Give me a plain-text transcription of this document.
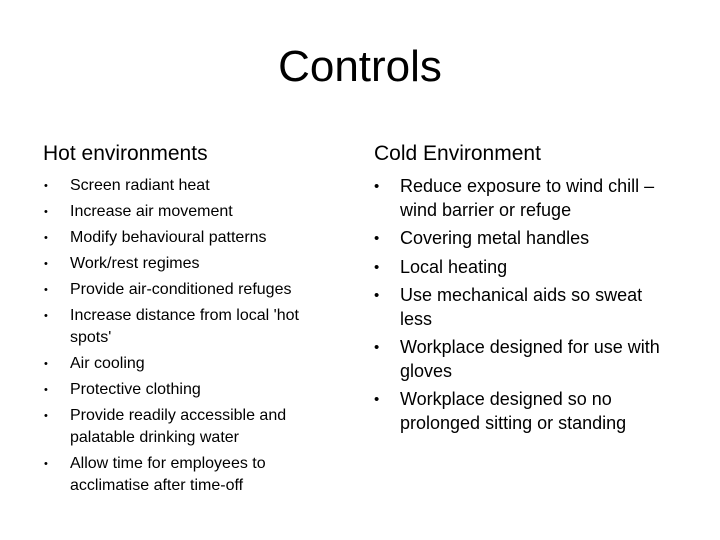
Controls
Hot environments	Cold Environment
• Screen radiant heat
• Increase air movement
• Modify behavioural patterns
• Work/rest regimes
• Provide air-conditioned refuges
• Increase distance from local 'hot spots'
• Air cooling
• Protective clothing
• Provide readily accessible and palatable drinking water
• Allow time for employees to acclimatise after time-off
• Reduce exposure to wind chill – wind barrier or refuge
• Covering metal handles
• Local heating
• Use mechanical aids so sweat less
• Workplace designed for use with gloves
• Workplace designed so no prolonged sitting or standing
